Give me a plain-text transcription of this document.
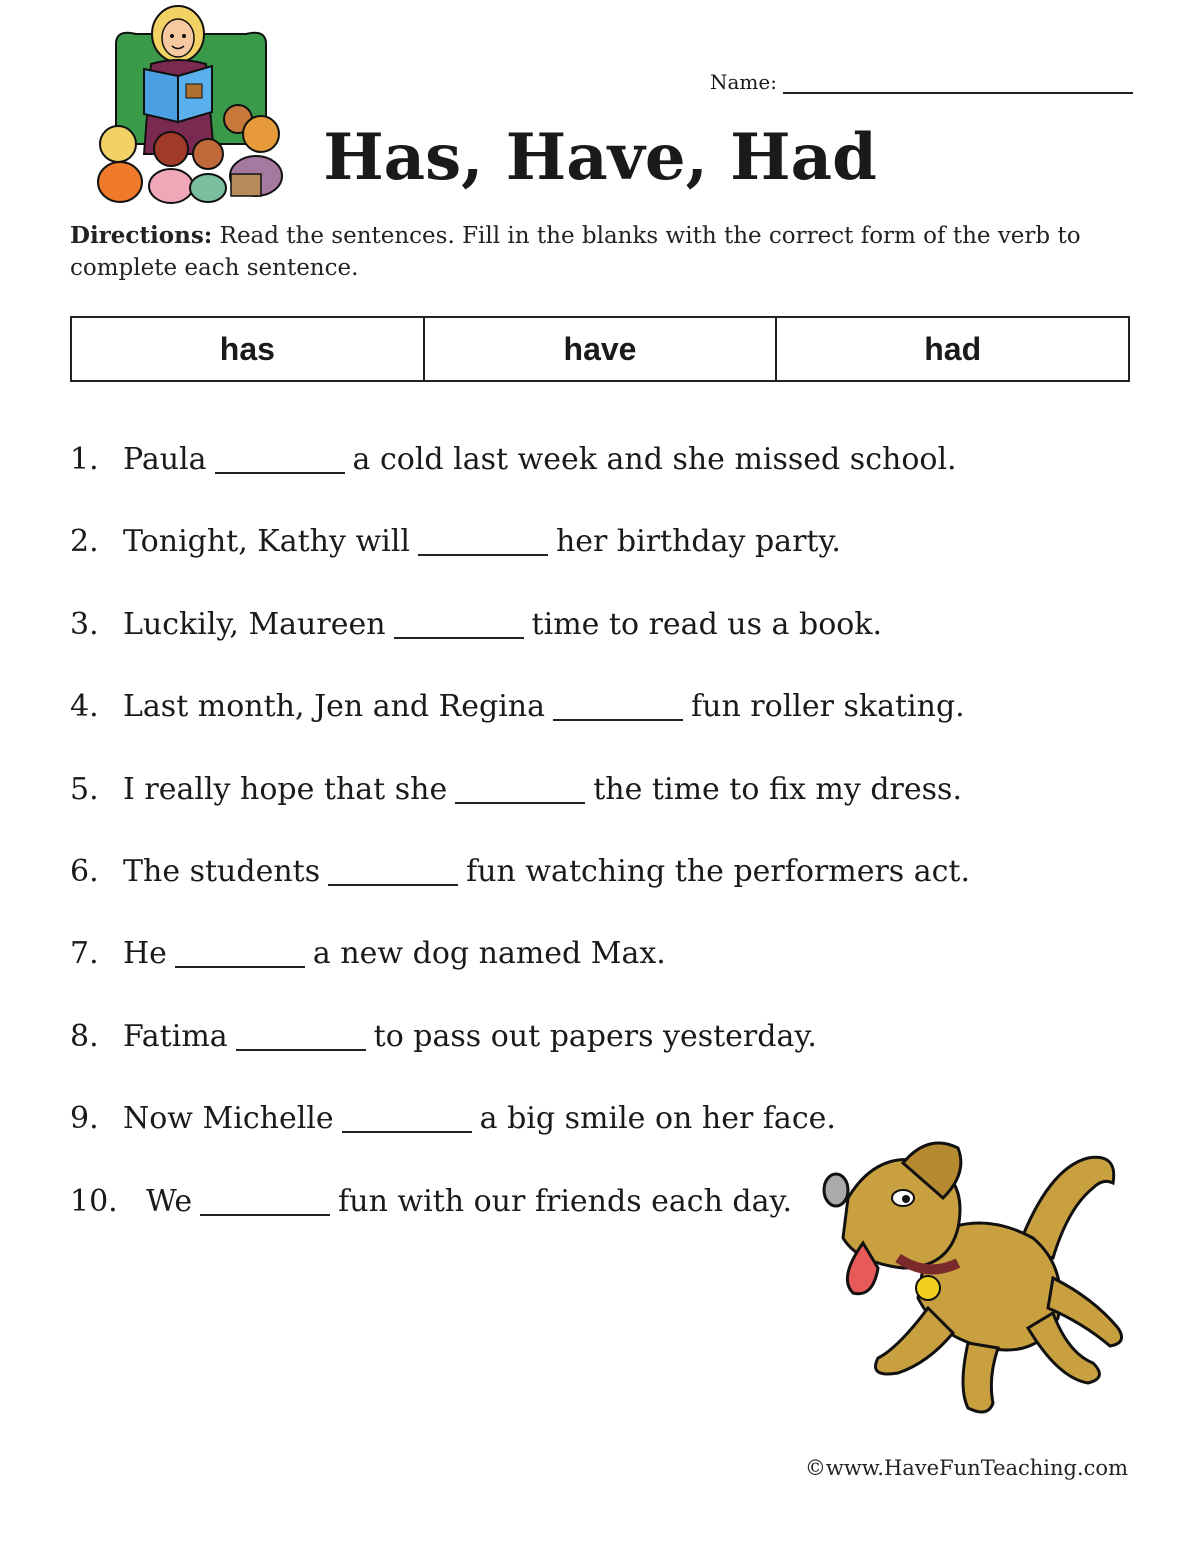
Name:
Has, Have, Had
Directions: Read the sentences. Fill in the blanks with the correct form of the verb to complete each sentence.
has	have	had
1. Paula	a cold last week and she missed school.
2. Tonight, Kathy will	her birthday party.
3. Luckily, Maureen	time to read us a book.
4. Last month, Jen and Regina	fun roller skating.
5. I really hope that she	the time to fix my dress.
6. The students	fun watching the performers act.
7. He	a new dog named Max.
8. Fatima	to pass out papers yesterday.
9. Now Michelle	a big smile on her face.
10. We	fun with our friends each day.
©www.HaveFunTeaching.com
